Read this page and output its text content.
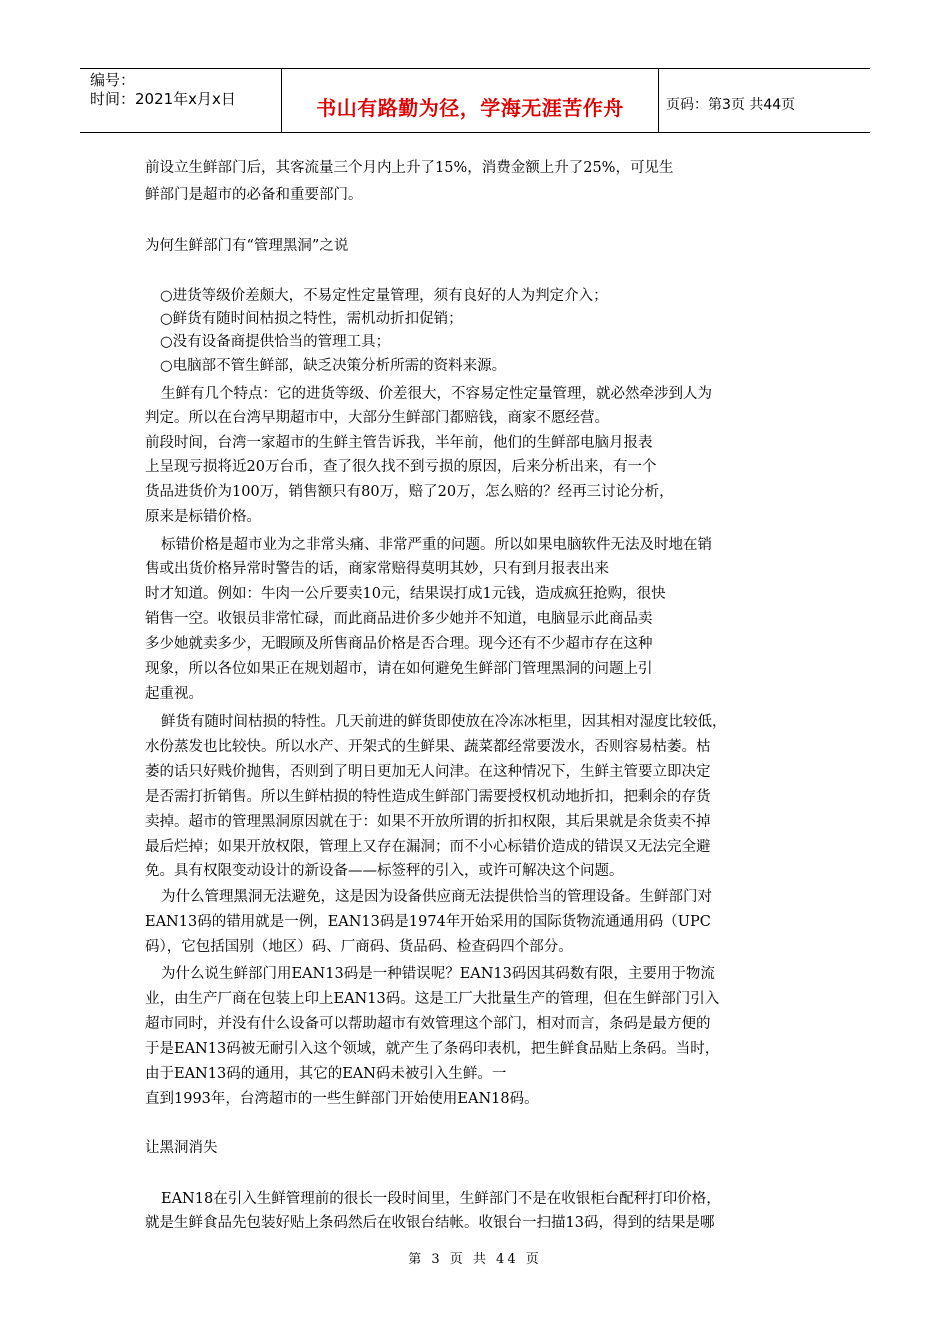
编号：
时间：2021年x月x日	书山有路勤为径，学海无涯苦作舟	页码：第3页 共44页
前设立生鲜部门后，其客流量三个月内上升了15%，消费金额上升了25%，可见生
鲜部门是超市的必备和重要部门。
为何生鲜部门有“管理黑洞”之说
○进货等级价差颇大，不易定性定量管理，须有良好的人为判定介入；
○鲜货有随时间枯损之特性，需机动折扣促销；
○没有设备商提供恰当的管理工具；
○电脑部不管生鲜部，缺乏决策分析所需的资料来源。
生鲜有几个特点：它的进货等级、价差很大，不容易定性定量管理，就必然牵涉到人为
判定。所以在台湾早期超市中，大部分生鲜部门都赔钱，商家不愿经营。
前段时间，台湾一家超市的生鲜主管告诉我，半年前，他们的生鲜部电脑月报表
上呈现亏损将近20万台币，查了很久找不到亏损的原因，后来分析出来，有一个
货品进货价为100万，销售额只有80万，赔了20万，怎么赔的？经再三讨论分析，
原来是标错价格。
标错价格是超市业为之非常头痛、非常严重的问题。所以如果电脑软件无法及时地在销
售或出货价格异常时警告的话，商家常赔得莫明其妙，只有到月报表出来
时才知道。例如：牛肉一公斤要卖10元，结果误打成1元钱，造成疯狂抢购，很快
销售一空。收银员非常忙碌，而此商品进价多少她并不知道，电脑显示此商品卖
多少她就卖多少，无暇顾及所售商品价格是否合理。现今还有不少超市存在这种
现象，所以各位如果正在规划超市，请在如何避免生鲜部门管理黑洞的问题上引
起重视。
鲜货有随时间枯损的特性。几天前进的鲜货即使放在冷冻冰柜里，因其相对湿度比较低，
水份蒸发也比较快。所以水产、开架式的生鲜果、蔬菜都经常要泼水，否则容易枯萎。枯
萎的话只好贱价抛售，否则到了明日更加无人问津。在这种情况下，生鲜主管要立即决定
是否需打折销售。所以生鲜枯损的特性造成生鲜部门需要授权机动地折扣，把剩余的存货
卖掉。超市的管理黑洞原因就在于：如果不开放所谓的折扣权限，其后果就是余货卖不掉
最后烂掉；如果开放权限，管理上又存在漏洞；而不小心标错价造成的错误又无法完全避
免。具有权限变动设计的新设备——标签秤的引入，或许可解决这个问题。
为什么管理黑洞无法避免，这是因为设备供应商无法提供恰当的管理设备。生鲜部门对
EAN13码的错用就是一例，EAN13码是1974年开始采用的国际货物流通通用码（UPC
码），它包括国别（地区）码、厂商码、货品码、检查码四个部分。
为什么说生鲜部门用EAN13码是一种错误呢？EAN13码因其码数有限，主要用于物流
业，由生产厂商在包装上印上EAN13码。这是工厂大批量生产的管理，但在生鲜部门引入
超市同时，并没有什么设备可以帮助超市有效管理这个部门，相对而言，条码是最方便的
于是EAN13码被无耐引入这个领域，就产生了条码印表机，把生鲜食品贴上条码。当时，
由于EAN13码的通用，其它的EAN码未被引入生鲜。一
直到1993年，台湾超市的一些生鲜部门开始使用EAN18码。
让黑洞消失
EAN18在引入生鲜管理前的很长一段时间里，生鲜部门不是在收银柜台配秤打印价格，
就是生鲜食品先包装好贴上条码然后在收银台结帐。收银台一扫描13码，得到的结果是哪
第 3 页 共 44 页
